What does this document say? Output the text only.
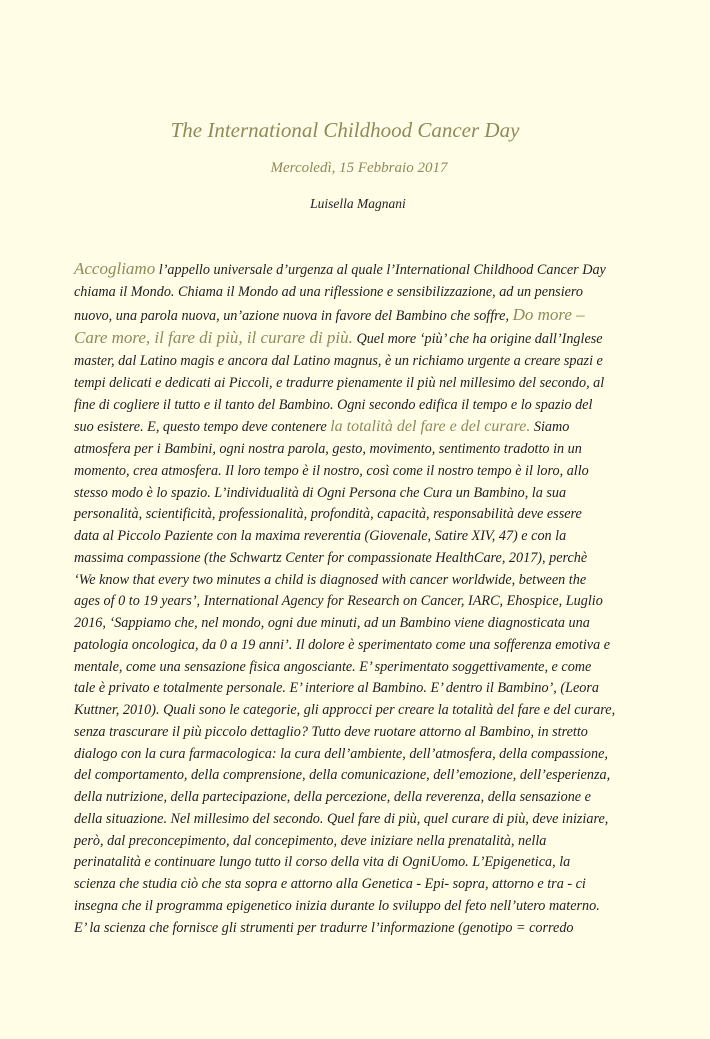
The International Childhood Cancer Day
Mercoledì, 15 Febbraio 2017
Luisella Magnani
Accogliamo l’appello universale d’urgenza al quale l’International Childhood Cancer Day
chiama il Mondo. Chiama il Mondo ad una riflessione e sensibilizzazione, ad un pensiero
nuovo, una parola nuova, un’azione nuova in favore del Bambino che soffre, Do more –
Care more, il fare di più, il curare di più. Quel more ‘più’ che ha origine dall’Inglese
master, dal Latino magis e ancora dal Latino magnus, è un richiamo urgente a creare spazi e
tempi delicati e dedicati ai Piccoli, e tradurre pienamente il più nel millesimo del secondo, al
fine di cogliere il tutto e il tanto del Bambino. Ogni secondo edifica il tempo e lo spazio del
suo esistere. E, questo tempo deve contenere la totalità del fare e del curare. Siamo
atmosfera per i Bambini, ogni nostra parola, gesto, movimento, sentimento tradotto in un
momento, crea atmosfera. Il loro tempo è il nostro, così come il nostro tempo è il loro, allo
stesso modo è lo spazio. L’individualità di Ogni Persona che Cura un Bambino, la sua
personalità, scientificità, professionalità, profondità, capacità, responsabilità deve essere
data al Piccolo Paziente con la maxima reverentia (Giovenale, Satire XIV, 47) e con la
massima compassione (the Schwartz Center for compassionate HealthCare, 2017), perchè
‘We know that every two minutes a child is diagnosed with cancer worldwide, between the
ages of 0 to 19 years’, International Agency for Research on Cancer, IARC, Ehospice, Luglio
2016, ‘Sappiamo che, nel mondo, ogni due minuti, ad un Bambino viene diagnosticata una
patologia oncologica, da 0 a 19 anni’. Il dolore è sperimentato come una sofferenza emotiva e
mentale, come una sensazione fisica angosciante. E’ sperimentato soggettivamente, e come
tale è privato e totalmente personale. E’ interiore al Bambino. E’ dentro il Bambino’, (Leora
Kuttner, 2010). Quali sono le categorie, gli approcci per creare la totalità del fare e del curare,
senza trascurare il più piccolo dettaglio? Tutto deve ruotare attorno al Bambino, in stretto
dialogo con la cura farmacologica: la cura dell’ambiente, dell’atmosfera, della compassione,
del comportamento, della comprensione, della comunicazione, dell’emozione, dell’esperienza,
della nutrizione, della partecipazione, della percezione, della reverenza, della sensazione e
della situazione. Nel millesimo del secondo. Quel fare di più, quel curare di più, deve iniziare,
però, dal preconcepimento, dal concepimento, deve iniziare nella prenatalità, nella
perinatalità e continuare lungo tutto il corso della vita di OgniUomo. L’Epigenetica, la
scienza che studia ciò che sta sopra e attorno alla Genetica - Epi- sopra, attorno e tra - ci
insegna che il programma epigenetico inizia durante lo sviluppo del feto nell’utero materno.
E’ la scienza che fornisce gli strumenti per tradurre l’informazione (genotipo = corredo
